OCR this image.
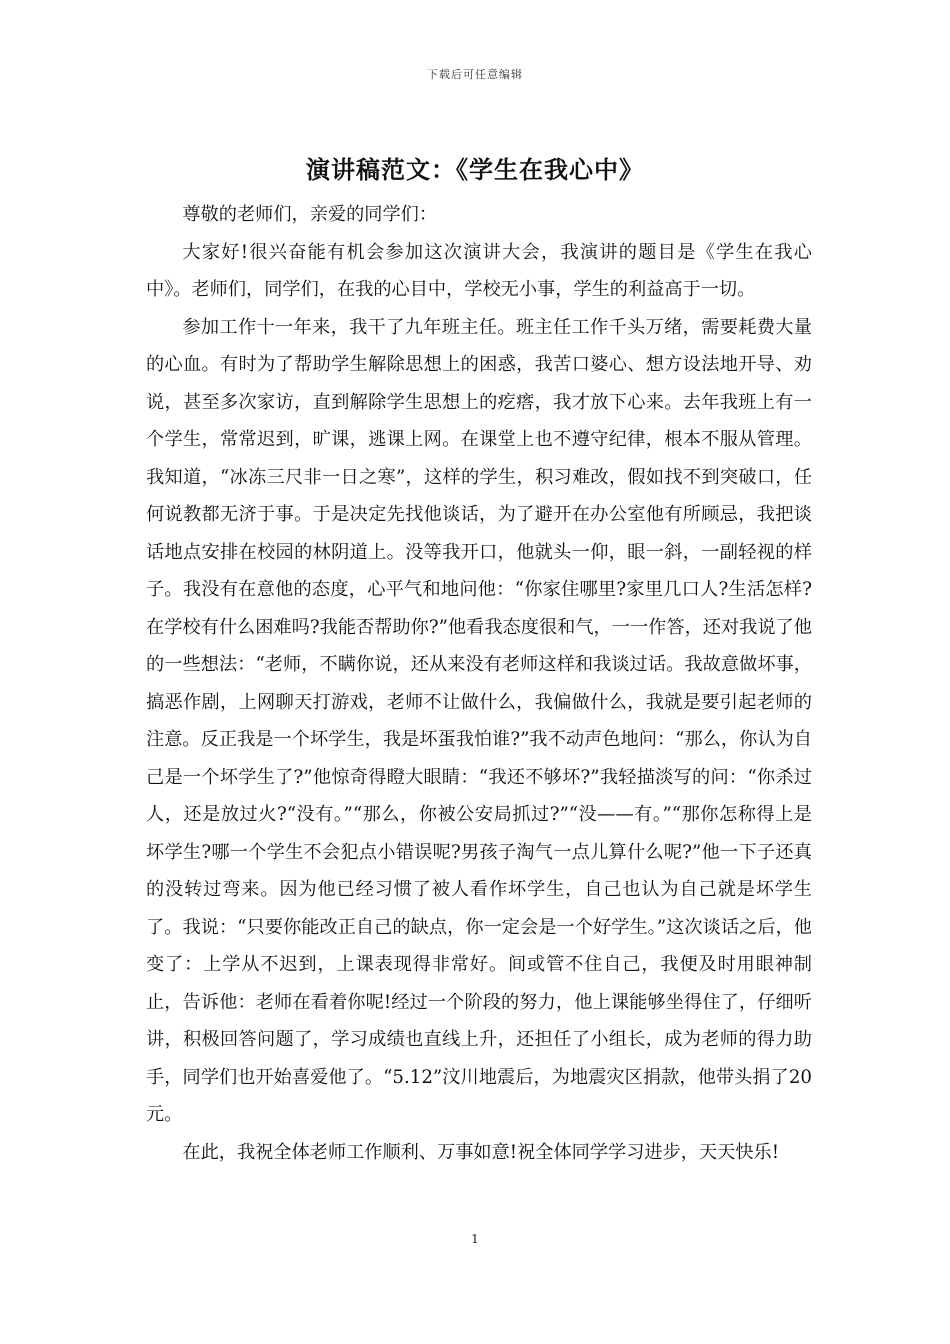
下载后可任意编辑
演讲稿范文：《学生在我心中》

尊敬的老师们，亲爱的同学们：

大家好!很兴奋能有机会参加这次演讲大会，我演讲的题目是《学生在我心中》。老师们，同学们，在我的心目中，学校无小事，学生的利益高于一切。

参加工作十一年来，我干了九年班主任。班主任工作千头万绪，需要耗费大量的心血。有时为了帮助学生解除思想上的困惑，我苦口婆心、想方设法地开导、劝说，甚至多次家访，直到解除学生思想上的疙瘩，我才放下心来。去年我班上有一个学生，常常迟到，旷课，逃课上网。在课堂上也不遵守纪律，根本不服从管理。我知道，“冰冻三尺非一日之寒”，这样的学生，积习难改，假如找不到突破口，任何说教都无济于事。于是决定先找他谈话，为了避开在办公室他有所顾忌，我把谈话地点安排在校园的林阴道上。没等我开口，他就头一仰，眼一斜，一副轻视的样子。我没有在意他的态度，心平气和地问他：“你家住哪里?家里几口人?生活怎样?在学校有什么困难吗?我能否帮助你?”他看我态度很和气，一一作答，还对我说了他的一些想法：“老师，不瞒你说，还从来没有老师这样和我谈过话。我故意做坏事，搞恶作剧，上网聊天打游戏，老师不让做什么，我偏做什么，我就是要引起老师的注意。反正我是一个坏学生，我是坏蛋我怕谁?”我不动声色地问：“那么，你认为自己是一个坏学生了?”他惊奇得瞪大眼睛：“我还不够坏?”我轻描淡写的问：“你杀过人，还是放过火?“没有。”“那么，你被公安局抓过?”“没——有。”“那你怎称得上是坏学生?哪一个学生不会犯点小错误呢?男孩子淘气一点儿算什么呢?”他一下子还真的没转过弯来。因为他已经习惯了被人看作坏学生，自己也认为自己就是坏学生了。我说：“只要你能改正自己的缺点，你一定会是一个好学生。”这次谈话之后，他变了：上学从不迟到，上课表现得非常好。间或管不住自己，我便及时用眼神制止，告诉他：老师在看着你呢!经过一个阶段的努力，他上课能够坐得住了，仔细听讲，积极回答问题了，学习成绩也直线上升，还担任了小组长，成为老师的得力助手，同学们也开始喜爱他了。“5.12”汶川地震后，为地震灾区捐款，他带头捐了20元。

在此，我祝全体老师工作顺利、万事如意!祝全体同学学习进步，天天快乐!

1
